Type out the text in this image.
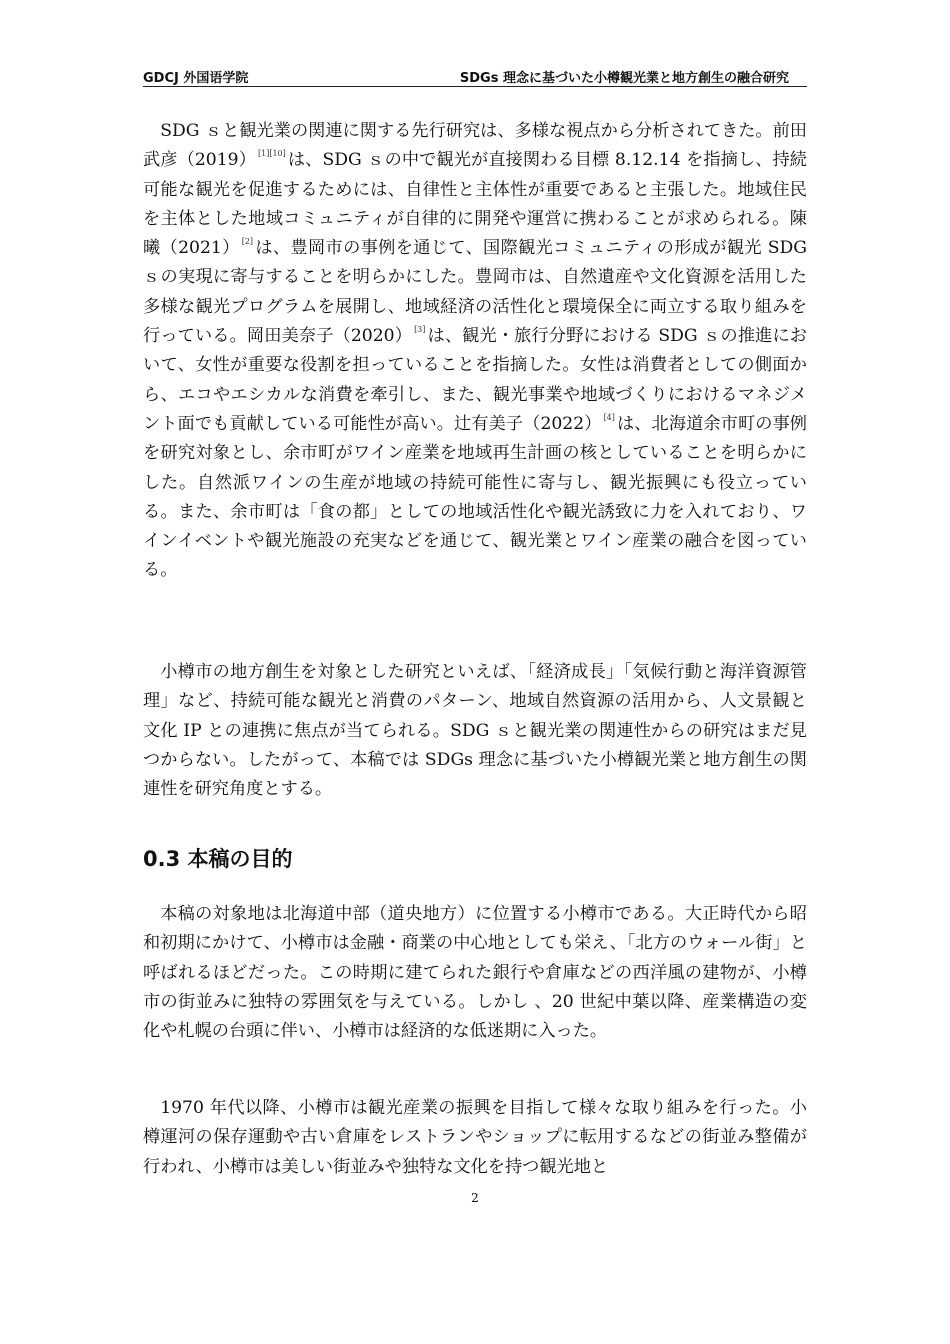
GDCJ 外国语学院	SDGs 理念に基づいた小樽観光業と地方創生の融合研究

SDG ｓと観光業の関連に関する先行研究は、多様な視点から分析されてきた。前田武彦（2019） [1][10] は、SDG ｓの中で観光が直接関わる目標 8.12.14 を指摘し、持続可能な観光を促進するためには、自律性と主体性が重要であると主張した。地域住民を主体とした地域コミュニティが自律的に開発や運営に携わることが求められる。陳曦（2021） [2] は、豊岡市の事例を通じて、国際観光コミュニティの形成が観光 SDG ｓの実現に寄与することを明らかにした。豊岡市は、自然遺産や文化資源を活用した多様な観光プログラムを展開し、地域経済の活性化と環境保全に両立する取り組みを行っている。岡田美奈子（2020） [3] は、観光・旅行分野における SDG ｓの推進において、女性が重要な役割を担っていることを指摘した。女性は消費者としての側面から、エコやエシカルな消費を牽引し、また、観光事業や地域づくりにおけるマネジメント面でも貢献している可能性が高い。辻有美子（2022） [4] は、北海道余市町の事例を研究対象とし、余市町がワイン産業を地域再生計画の核としていることを明らかにした。自然派ワインの生産が地域の持続可能性に寄与し、観光振興にも役立っている。また、余市町は「食の都」としての地域活性化や観光誘致に力を入れており、ワインイベントや観光施設の充実などを通じて、観光業とワイン産業の融合を図っている。

小樽市の地方創生を対象とした研究といえば、「経済成長」「気候行動と海洋資源管理」など、持続可能な観光と消費のパターン、地域自然資源の活用から、人文景観と文化 IP との連携に焦点が当てられる。SDG ｓと観光業の関連性からの研究はまだ見つからない。したがって、本稿では SDGs 理念に基づいた小樽観光業と地方創生の関連性を研究角度とする。

0.3 本稿の目的

本稿の対象地は北海道中部（道央地方）に位置する小樽市である。大正時代から昭和初期にかけて、小樽市は金融・商業の中心地としても栄え、「北方のウォール街」と呼ばれるほどだった。この時期に建てられた銀行や倉庫などの西洋風の建物が、小樽市の街並みに独特の雰囲気を与えている。しかし 、20 世紀中葉以降、産業構造の変化や札幌の台頭に伴い、小樽市は経済的な低迷期に入った。

1970 年代以降、小樽市は観光産業の振興を目指して様々な取り組みを行った。小樽運河の保存運動や古い倉庫をレストランやショップに転用するなどの街並み整備が行われ、小樽市は美しい街並みや独特な文化を持つ観光地と

2
